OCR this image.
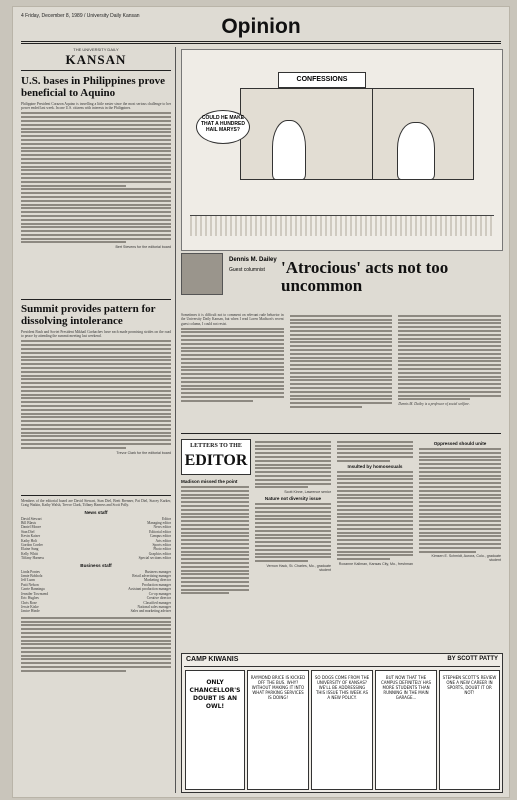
4 Friday, December 8, 1989 / University Daily Kansan	Opinion
THE UNIVERSITY DAILY
KANSAN
U.S. bases in Philippines prove beneficial to Aquino
Philippine President Corazon Aquino is travelling a little easier since the most serious challenge to her power ended last week. In one U.S. citizens with interests in the Philippines.
Bert Stevens for the editorial board
Summit provides pattern for dissolving intolerance
President Bush and Soviet President Mikhail Gorbachev have each made promising strides on the road to peace by attending the summit meeting last weekend.
Trevor Clark for the editorial board
Members of the editorial board are David Stewart, Stan Diel, Brett Brenner, Pat Diel, Stacey Karker, Craig Watkin, Kathy Walsh, Trevor Clark, Tiffany Harness and Scott Polly.
News staff
David Stewart	Editor
Bill Blasts	Managing editor
Daniel Moore	News editor
Stan Diel	Editorial editor
Kevin Kaiser	Campus editor
Kathy Holt	Arts editor
Gordon Corder	Sports editor
Elaine Sung	Photo editor
Kelly Whitt	Graphics editor
Tiffany Harness	Special sections editor
Business staff
Linda Pontes	Business manager
Jamie Bobholz	Retail advertising manager
Jeff Lunn	Marketing director
Patti Nelson	Production manager
Carrie Banninga	Assistant production manager
Jennifer Townsend	Co-op manager
Eric Hughes	Creative director
Chris Rose	Classified manager
Jessie Kiske	National sales manager
Janice Hinde	Sales and marketing adviser
CONFESSIONS
COULD HE MAKE THAT A HUNDRED HAIL MARYS?
Dennis M. Dailey
Guest columnist 'Atrocious' acts not too uncommon
Sometimes it is difficult not to comment on relevant rude behavior in the University Daily Kansan, but when I read Loren Madison's recent guest column, I could not resist.
Dennis M. Dailey is a professor of social welfare.
LETTERS TO THE
EDITOR
Madison missed the point
Scott Kinne, Lawrence senior
Nature not diversity issue
Vernon Hack, St. Charles, Mo., graduate student
Insulted by homosexuals
Roxanne Kallman, Kansas City, Mo., freshman
Oppressed should unite
Kimsen E. Schmidt, Aurora, Colo., graduate student
CAMP KIWANIS	BY SCOTT PATTY
ONLY CHANCELLOR'S DOUBT IS AN OWL!
RAYMOND BRICE IS KICKED OFF THE BUS. WHY? WITHOUT MAKING IT INTO WHAT PARKING SERVICES IS DOING!
SO DOGS COME FROM THE UNIVERSITY OF KANSAS? WE'LL BE ADDRESSING THIS ISSUE THIS WEEK AS A NEW POLICY.
BUT NOW THAT THE CAMPUS DEFINITELY HAS MORE STUDENTS THAN RUNNING IN THE MAIN GARAGE...
STEPHEN SCOTT'S REVIEW ONE A NEW CAREER IN SPORTS, DOUBT IT OR NOT!
